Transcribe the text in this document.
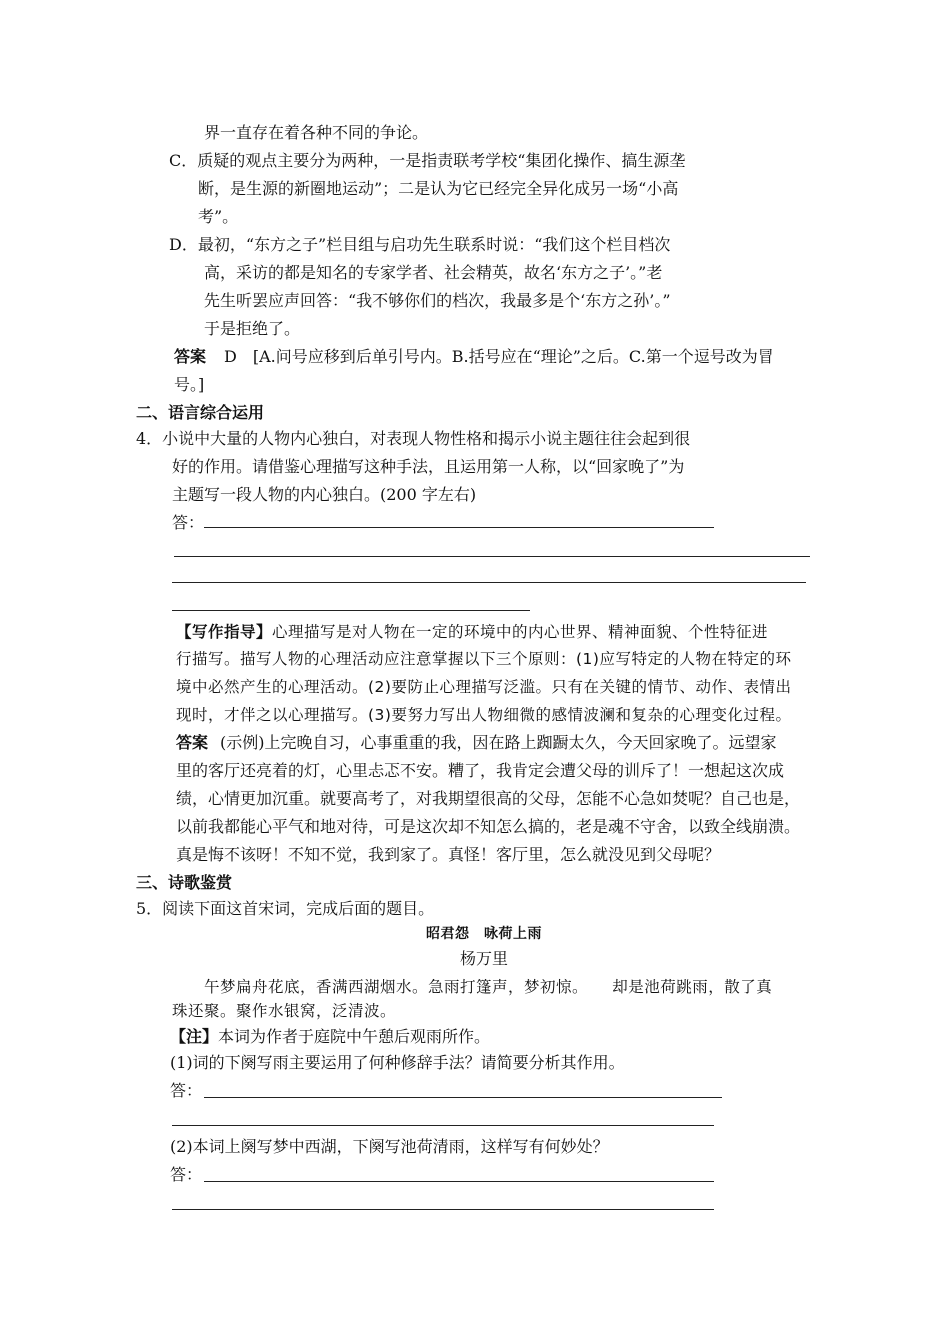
界一直存在着各种不同的争论。
C．质疑的观点主要分为两种，一是指责联考学校“集团化操作、搞生源垄
断，是生源的新圈地运动”；二是认为它已经完全异化成另一场“小高
考”。
D．最初，“东方之子”栏目组与启功先生联系时说：“我们这个栏目档次
高，采访的都是知名的专家学者、社会精英，故名‘东方之子’。”老
先生听罢应声回答：“我不够你们的档次，我最多是个‘东方之孙’。”
于是拒绝了。
答案 D　[A.问号应移到后单引号内。B.括号应在“理论”之后。C.第一个逗号改为冒
号。]
二、语言综合运用
4．小说中大量的人物内心独白，对表现人物性格和揭示小说主题往往会起到很
好的作用。请借鉴心理描写这种手法，且运用第一人称，以“回家晚了”为
主题写一段人物的内心独白。(200 字左右)
答：
【写作指导】心理描写是对人物在一定的环境中的内心世界、精神面貌、个性特征进
行描写。描写人物的心理活动应注意掌握以下三个原则：(1)应写特定的人物在特定的环
境中必然产生的心理活动。(2)要防止心理描写泛滥。只有在关键的情节、动作、表情出
现时，才伴之以心理描写。(3)要努力写出人物细微的感情波澜和复杂的心理变化过程。
答案 (示例)上完晚自习，心事重重的我，因在路上踟蹰太久，今天回家晚了。远望家
里的客厅还亮着的灯，心里忐忑不安。糟了，我肯定会遭父母的训斥了！一想起这次成
绩，心情更加沉重。就要高考了，对我期望很高的父母，怎能不心急如焚呢？自己也是，
以前我都能心平气和地对待，可是这次却不知怎么搞的，老是魂不守舍，以致全线崩溃。
真是悔不该呀！不知不觉，我到家了。真怪！客厅里，怎么就没见到父母呢？
三、诗歌鉴赏
5．阅读下面这首宋词，完成后面的题目。
昭君怨　咏荷上雨
杨万里
午梦扁舟花底，香满西湖烟水。急雨打篷声，梦初惊。　　却是池荷跳雨，散了真
珠还聚。聚作水银窝，泛清波。
【注】本词为作者于庭院中午憩后观雨所作。
(1)词的下阕写雨主要运用了何种修辞手法？请简要分析其作用。
答：
(2)本词上阕写梦中西湖，下阕写池荷清雨，这样写有何妙处？
答：
